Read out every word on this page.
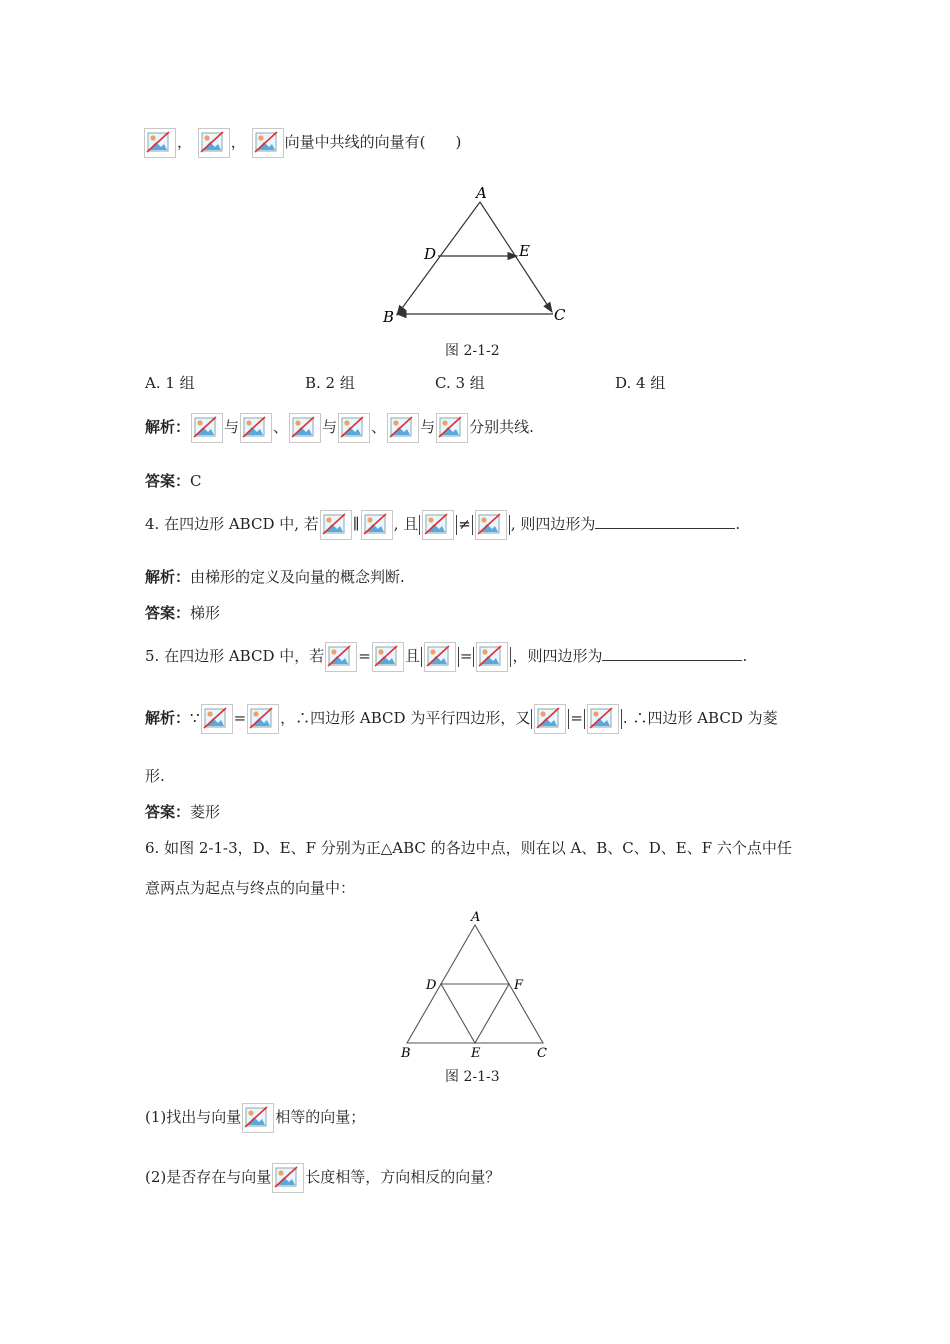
，	，	向量中共线的向量有(　　)
A
D	E
B	C
图 2-1-2
A. 1 组	B. 2 组	C. 3 组	D. 4 组
解析： 与 、 与 、 与 分别共线.
答案：C
4. 在四边形 ABCD 中, 若 ∥ , 且	≠	, 则四边形为	.
解析：由梯形的定义及向量的概念判断.
答案：梯形
5. 在四边形 ABCD 中，若 = 且	=	，则四边形为	.
解析：∵ = ，∴四边形 ABCD 为平行四边形，又	=	. ∴四边形 ABCD 为菱
形.
答案：菱形
6. 如图 2-1-3，D、E、F 分别为正△ABC 的各边中点，则在以 A、B、C、D、E、F 六个点中任
意两点为起点与终点的向量中：
A
D	F
B	E	C
图 2-1-3
(1)找出与向量 相等的向量；
(2)是否存在与向量 长度相等，方向相反的向量？
